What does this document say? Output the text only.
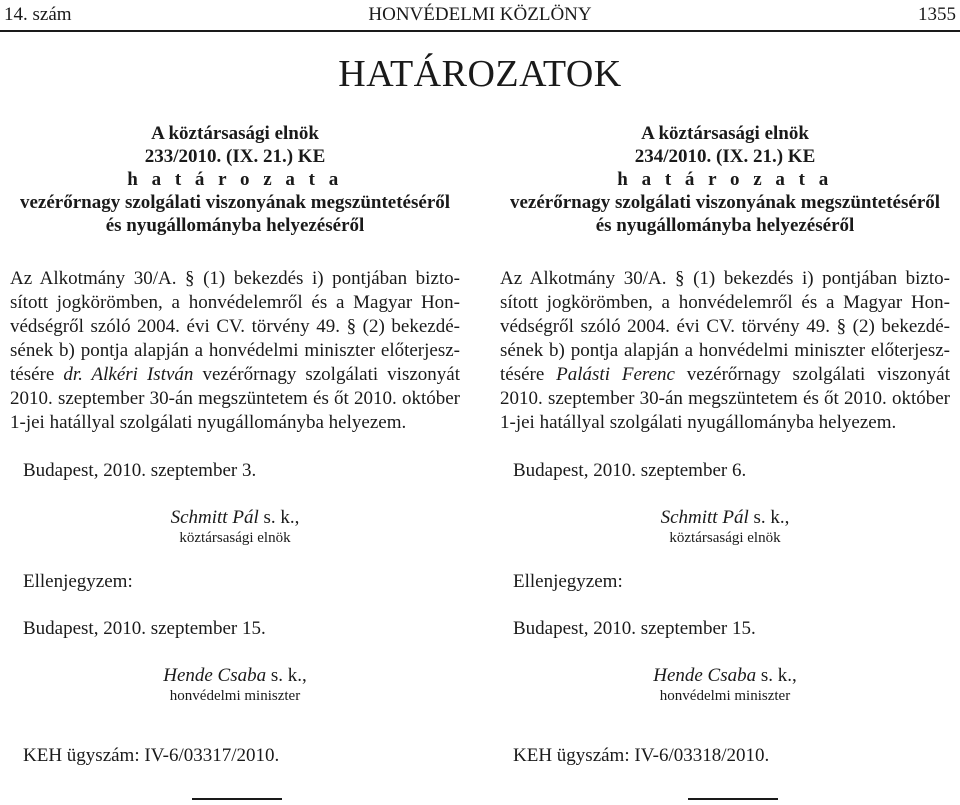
14. szám	HONVÉDELMI KÖZLÖNY	1355
HATÁROZATOK
A köztársasági elnök
233/2010. (IX. 21.) KE
h a t á r o z a t a
vezérőrnagy szolgálati viszonyának megszüntetéséről
és nyugállományba helyezéséről
Az Alkotmány 30/A. § (1) bekezdés i) pontjában bizto-
sított jogkörömben, a honvédelemről és a Magyar Hon-
védségről szóló 2004. évi CV. törvény 49. § (2) bekezdé-
sének b) pontja alapján a honvédelmi miniszter előterjesz-
tésére dr. Alkéri István vezérőrnagy szolgálati viszonyát
2010. szeptember 30-án megszüntetem és őt 2010. október
1-jei hatállyal szolgálati nyugállományba helyezem.
Budapest, 2010. szeptember 3.
Schmitt Pál s. k.,
köztársasági elnök
Ellenjegyzem:
Budapest, 2010. szeptember 15.
Hende Csaba s. k.,
honvédelmi miniszter
KEH ügyszám: IV-6/03317/2010.
A köztársasági elnök
234/2010. (IX. 21.) KE
h a t á r o z a t a
vezérőrnagy szolgálati viszonyának megszüntetéséről
és nyugállományba helyezéséről
Az Alkotmány 30/A. § (1) bekezdés i) pontjában bizto-
sított jogkörömben, a honvédelemről és a Magyar Hon-
védségről szóló 2004. évi CV. törvény 49. § (2) bekezdé-
sének b) pontja alapján a honvédelmi miniszter előterjesz-
tésére Palásti Ferenc vezérőrnagy szolgálati viszonyát
2010. szeptember 30-án megszüntetem és őt 2010. október
1-jei hatállyal szolgálati nyugállományba helyezem.
Budapest, 2010. szeptember 6.
Schmitt Pál s. k.,
köztársasági elnök
Ellenjegyzem:
Budapest, 2010. szeptember 15.
Hende Csaba s. k.,
honvédelmi miniszter
KEH ügyszám: IV-6/03318/2010.
